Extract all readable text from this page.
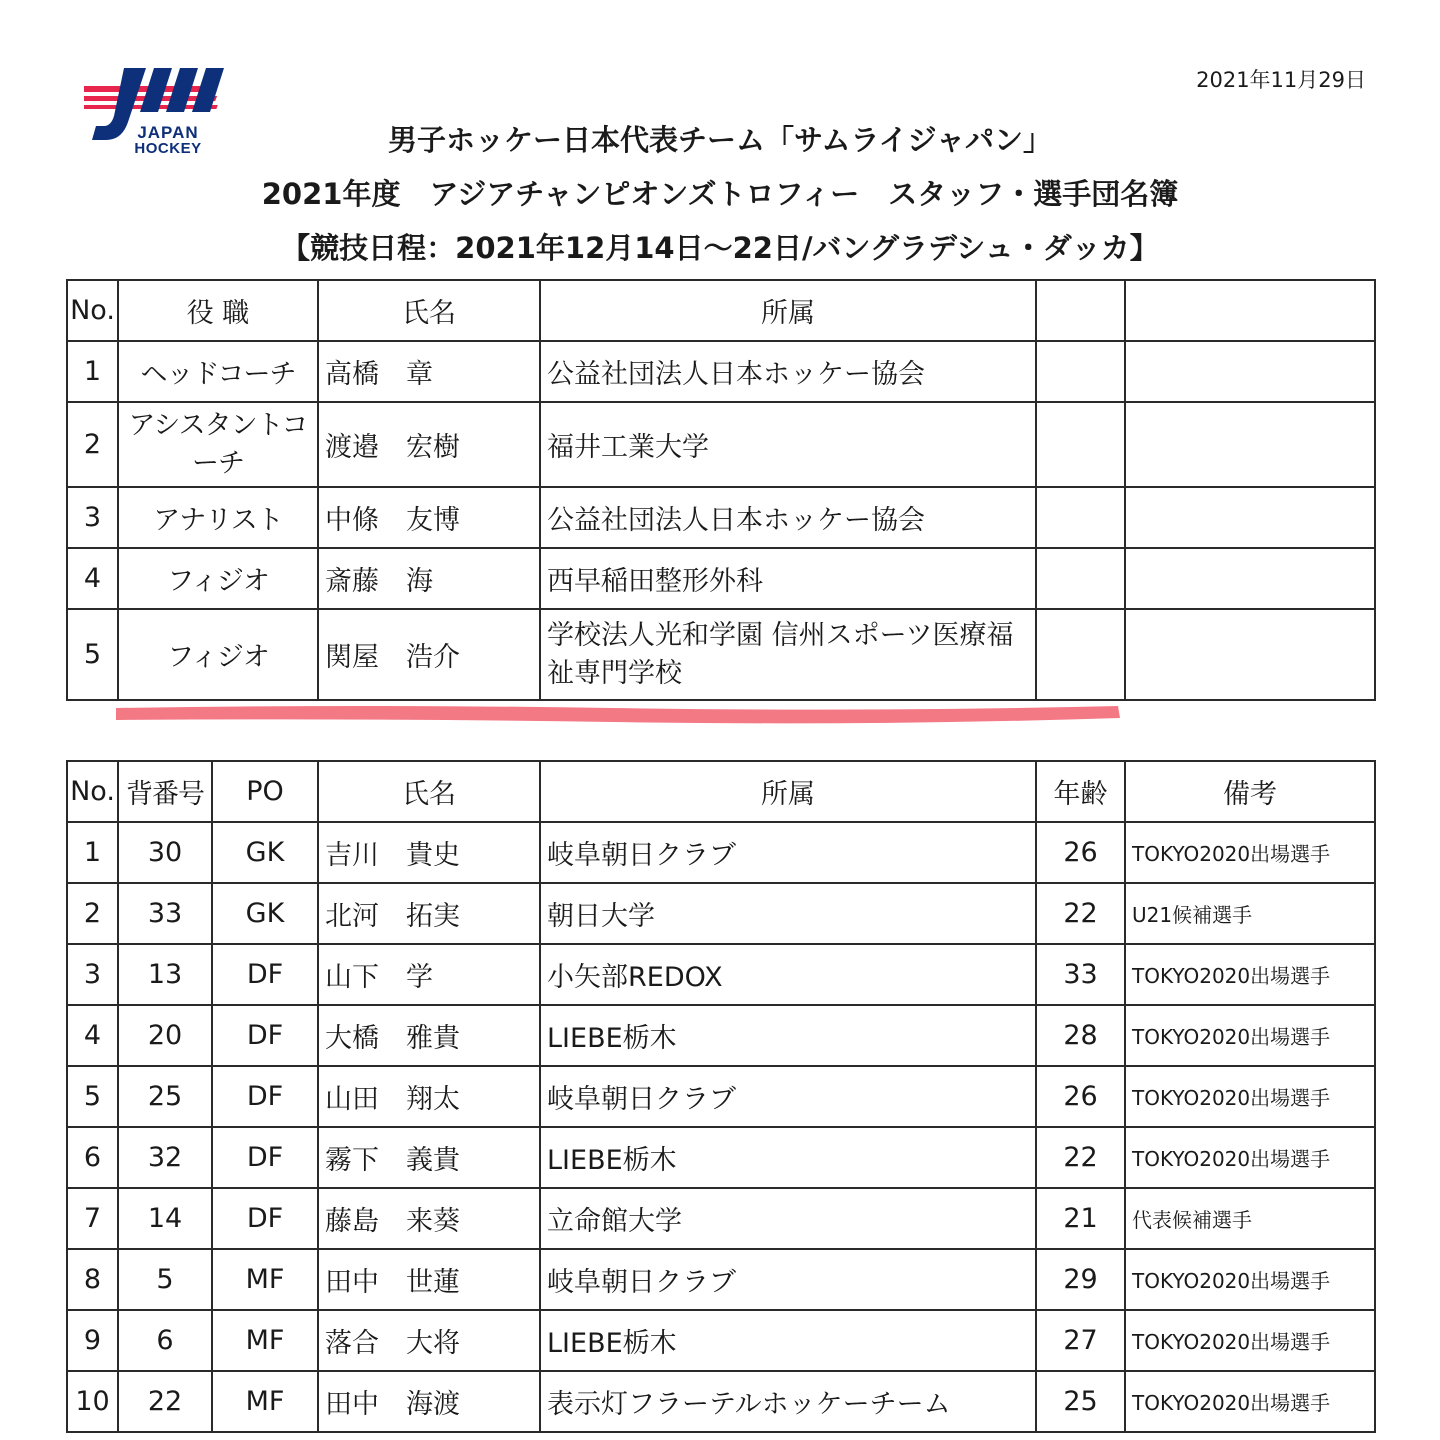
JAPAN
HOCKEY
2021年11月29日
男子ホッケー日本代表チーム「サムライジャパン」
2021年度　アジアチャンピオンズトロフィー　スタッフ・選手団名簿
【競技日程：2021年12月14日～22日/バングラデシュ・ダッカ】
No.	役 職	氏名	所属		
1	ヘッドコーチ	高橋　章	公益社団法人日本ホッケー協会		
2	アシスタントコーチ	渡邉　宏樹	福井工業大学		
3	アナリスト	中條　友博	公益社団法人日本ホッケー協会		
4	フィジオ	斎藤　海	西早稲田整形外科		
5	フィジオ	関屋　浩介	学校法人光和学園 信州スポーツ医療福祉専門学校		
No.	背番号	PO	氏名	所属	年齢	備考
1	30	GK	吉川　貴史	岐阜朝日クラブ	26	TOKYO2020出場選手
2	33	GK	北河　拓実	朝日大学	22	U21候補選手
3	13	DF	山下　学	小矢部REDOX	33	TOKYO2020出場選手
4	20	DF	大橋　雅貴	LIEBE栃木	28	TOKYO2020出場選手
5	25	DF	山田　翔太	岐阜朝日クラブ	26	TOKYO2020出場選手
6	32	DF	霧下　義貴	LIEBE栃木	22	TOKYO2020出場選手
7	14	DF	藤島　来葵	立命館大学	21	代表候補選手
8	5	MF	田中　世蓮	岐阜朝日クラブ	29	TOKYO2020出場選手
9	6	MF	落合　大将	LIEBE栃木	27	TOKYO2020出場選手
10	22	MF	田中　海渡	表示灯フラーテルホッケーチーム	25	TOKYO2020出場選手
